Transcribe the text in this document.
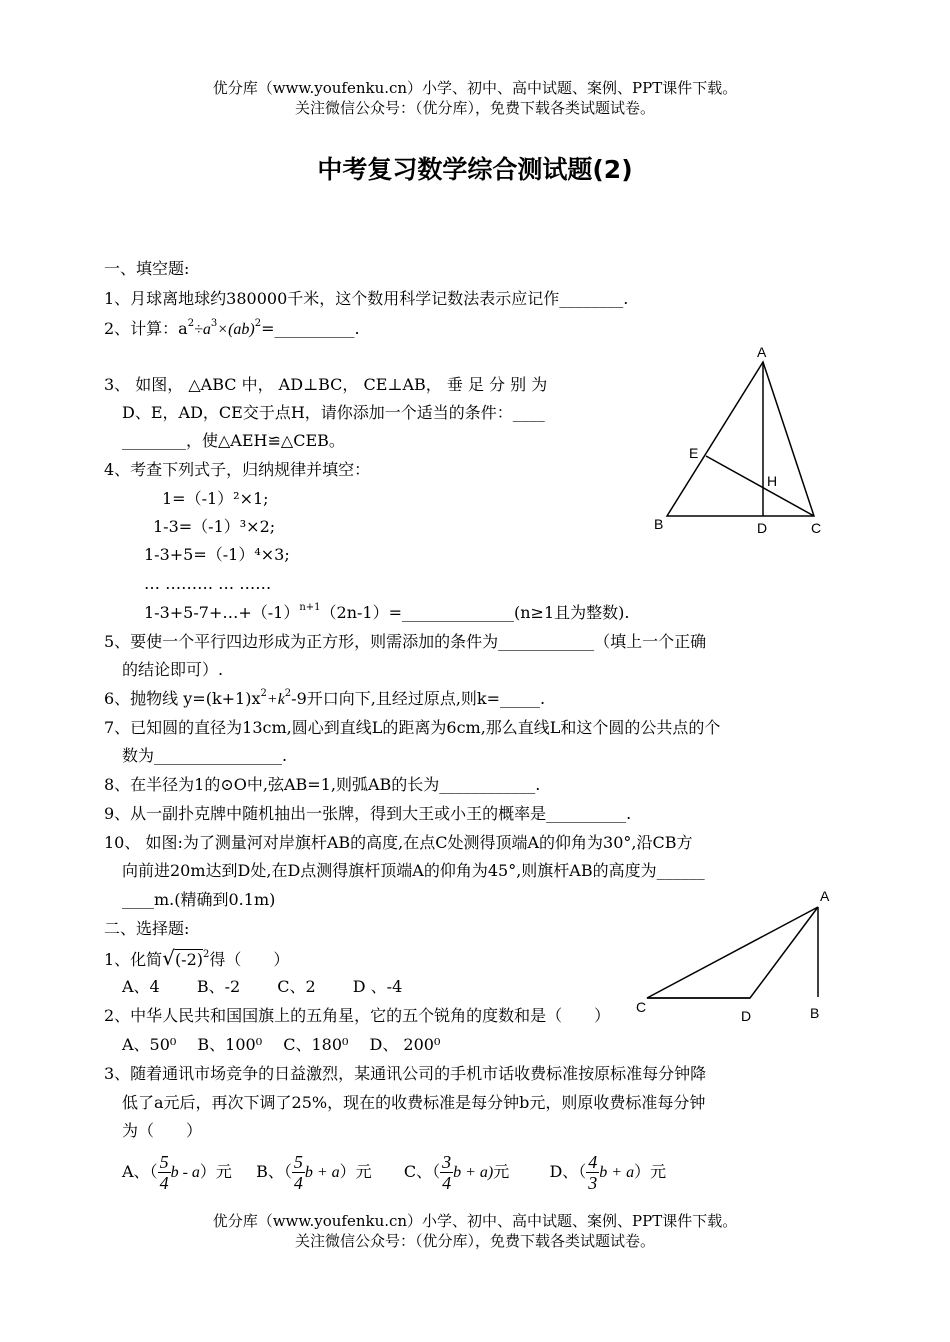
优分库（www.youfenku.cn）小学、初中、高中试题、案例、PPT课件下载。
关注微信公众号：（优分库），免费下载各类试题试卷。
中考复习数学综合测试题(2)
一、填空题:
1、月球离地球约380000千米，这个数用科学记数法表示应记作________.
2、计算：$a^2\div a^3\times(ab)^2=\_\_\_\_\_\_\_\_\_\_$.
3、 如图， △ABC 中， AD⊥BC， CE⊥AB， 垂 足 分 别 为
D、E，AD，CE交于点H，请你添加一个适当的条件：____
________，使△AEH≌△CEB。
4、考查下列式子，归纳规律并填空：
1=（-1）²×1;
1-3=（-1）³×2;
1-3+5=（-1）⁴×3;
… ……… … ……
$1-3+5-7+\dots+(-1)^{n+1}(2n-1)=\_\_\_\_\_\_\_\_\_\_\_\_\_\_(n\ge 1$且为整数).
5、要使一个平行四边形成为正方形，则需添加的条件为____________（填上一个正确
的结论即可）.
6、抛物线 $y=(k+1)x^2+k^2-9$开口向下,且经过原点,则k=_____.
7、已知圆的直径为13cm,圆心到直线L的距离为6cm,那么直线L和这个圆的公共点的个
数为________________.
8、在半径为1的⊙O中,弦AB=1,则弧AB的长为____________.
9、从一副扑克牌中随机抽出一张牌，得到大王或小王的概率是__________.
10、 如图:为了测量河对岸旗杆AB的高度,在点C处测得顶端A的仰角为30°,沿CB方
向前进20m达到D处,在D点测得旗杆顶端A的仰角为45°,则旗杆AB的高度为______
____m.(精确到0.1m)
二、选择题:
1、化简$√(-2)^2$得（　　）
A、4　　 B、-2　　 C、2　　 D 、-4
2、中华人民共和国国旗上的五角星，它的五个锐角的度数和是（　　）
A、50⁰　 B、100⁰　 C、180⁰　 D、 200⁰
3、随着通讯市场竞争的日益激烈，某通讯公司的手机市话收费标准按原标准每分钟降
低了a元后，再次下调了25%，现在的收费标准是每分钟b元，则原收费标准每分钟
为（　　）
A、（ $\frac{5}{4}$ b - a）元 B、（ $\frac{5}{4}$ b + a）元 C、（ $\frac{3}{4}$ b + a)元	D、（ $\frac{4}{3}$ b + a）元
A
B	C
D
E
H
A
B
C
D
优分库（www.youfenku.cn）小学、初中、高中试题、案例、PPT课件下载。
关注微信公众号：（优分库），免费下载各类试题试卷。
